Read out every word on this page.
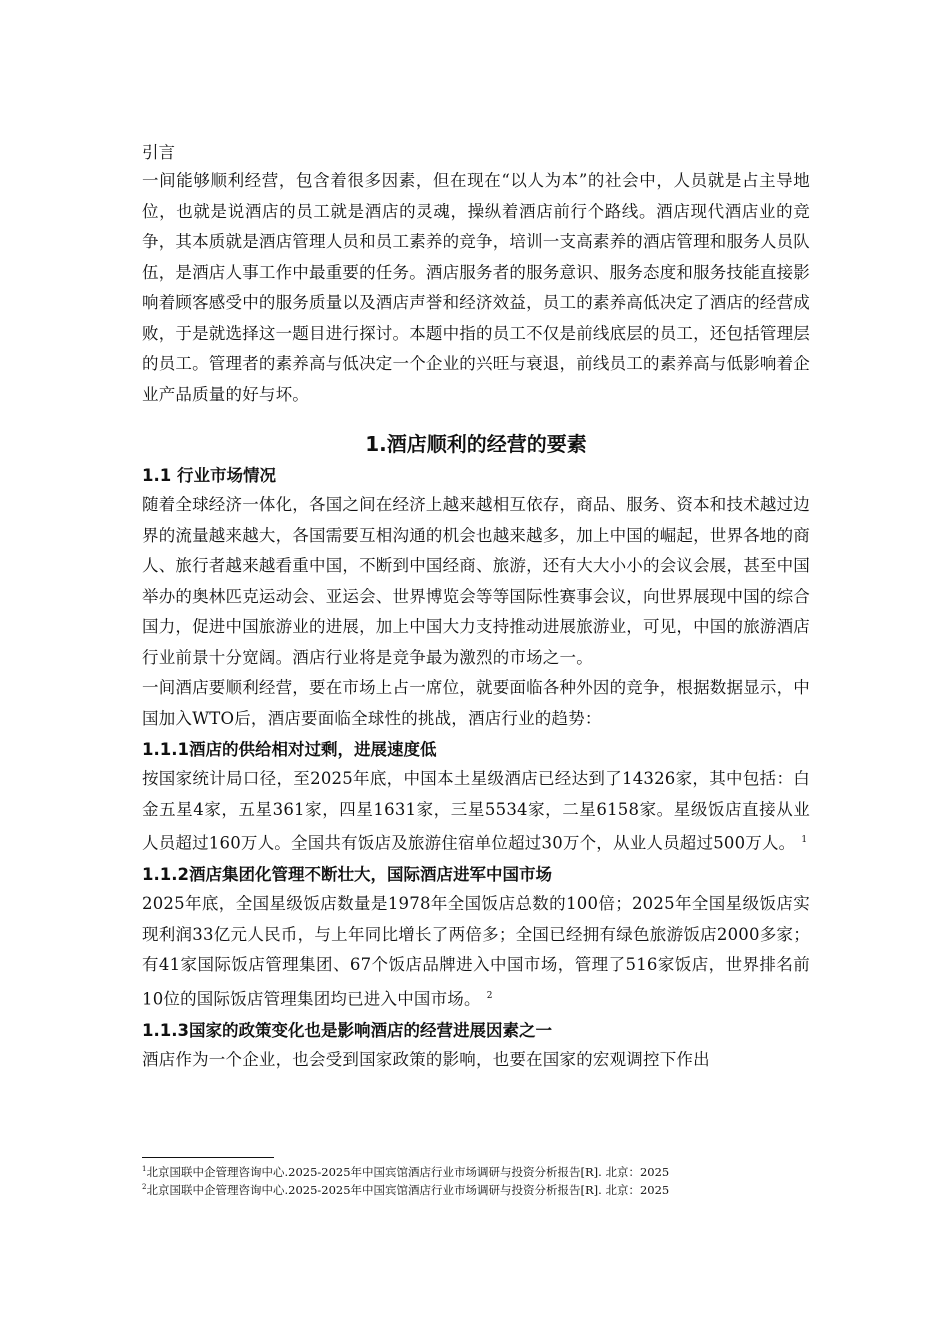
引言

一间能够顺利经营，包含着很多因素，但在现在“以人为本”的社会中，人员就是占主导地位，也就是说酒店的员工就是酒店的灵魂，操纵着酒店前行个路线。酒店现代酒店业的竞争，其本质就是酒店管理人员和员工素养的竞争，培训一支高素养的酒店管理和服务人员队伍，是酒店人事工作中最重要的任务。酒店服务者的服务意识、服务态度和服务技能直接影响着顾客感受中的服务质量以及酒店声誉和经济效益，员工的素养高低决定了酒店的经营成败，于是就选择这一题目进行探讨。本题中指的员工不仅是前线底层的员工，还包括管理层的员工。管理者的素养高与低决定一个企业的兴旺与衰退，前线员工的素养高与低影响着企业产品质量的好与坏。

1.酒店顺利的经营的要素
1.1 行业市场情况

随着全球经济一体化，各国之间在经济上越来越相互依存，商品、服务、资本和技术越过边界的流量越来越大，各国需要互相沟通的机会也越来越多，加上中国的崛起，世界各地的商人、旅行者越来越看重中国，不断到中国经商、旅游，还有大大小小的会议会展，甚至中国举办的奥林匹克运动会、亚运会、世界博览会等等国际性赛事会议，向世界展现中国的综合国力，促进中国旅游业的进展，加上中国大力支持推动进展旅游业，可见，中国的旅游酒店行业前景十分宽阔。酒店行业将是竞争最为激烈的市场之一。

一间酒店要顺利经营，要在市场上占一席位，就要面临各种外因的竞争，根据数据显示，中国加入WTO后，酒店要面临全球性的挑战，酒店行业的趋势：

1.1.1酒店的供给相对过剩，进展速度低

按国家统计局口径，至2025年底，中国本土星级酒店已经达到了14326家，其中包括：白金五星4家，五星361家，四星1631家，三星5534家，二星6158家。星级饭店直接从业人员超过160万人。全国共有饭店及旅游住宿单位超过30万个，从业人员超过500万人。 $^1$

1.1.2酒店集团化管理不断壮大，国际酒店进军中国市场

2025年底，全国星级饭店数量是1978年全国饭店总数的100倍；2025年全国星级饭店实现利润33亿元人民币，与上年同比增长了两倍多；全国已经拥有绿色旅游饭店2000多家；有41家国际饭店管理集团、67个饭店品牌进入中国市场，管理了516家饭店，世界排名前10位的国际饭店管理集团均已进入中国市场。 $^2$

1.1.3国家的政策变化也是影响酒店的经营进展因素之一

酒店作为一个企业，也会受到国家政策的影响，也要在国家的宏观调控下作出

$^1$北京国联中企管理咨询中心.2025-2025年中国宾馆酒店行业市场调研与投资分析报告[R]. 北京：2025

$^2$北京国联中企管理咨询中心.2025-2025年中国宾馆酒店行业市场调研与投资分析报告[R]. 北京：2025
